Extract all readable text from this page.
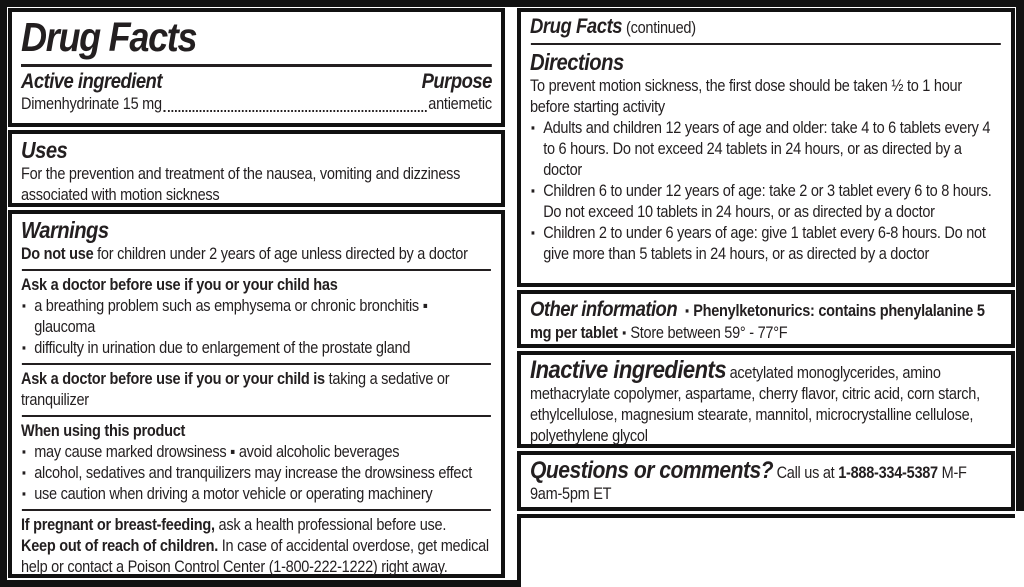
Drug Facts
Active ingredient	Purpose
Dimenhydrinate 15 mg	antiemetic
Uses

For the prevention and treatment of the nausea, vomiting and dizziness associated with motion sickness

Warnings

Do not use for children under 2 years of age unless directed by a doctor

Ask a doctor before use if you or your child has

▪ a breathing problem such as emphysema or chronic bronchitis ▪ glaucoma
▪ difficulty in urination due to enlargement of the prostate gland

Ask a doctor before use if you or your child is taking a sedative or tranquilizer

When using this product

▪ may cause marked drowsiness ▪ avoid alcoholic beverages
▪ alcohol, sedatives and tranquilizers may increase the drowsiness effect
▪ use caution when driving a motor vehicle or operating machinery

If pregnant or breast-feeding, ask a health professional before use.

Keep out of reach of children. In case of accidental overdose, get medical help or contact a Poison Control Center (1-800-222-1222) right away.

Drug Facts (continued)
Directions

To prevent motion sickness, the first dose should be taken ½ to 1 hour before starting activity

▪ Adults and children 12 years of age and older: take 4 to 6 tablets every 4 to 6 hours. Do not exceed 24 tablets in 24 hours, or as directed by a doctor
▪ Children 6 to under 12 years of age: take 2 or 3 tablet every 6 to 8 hours. Do not exceed 10 tablets in 24 hours, or as directed by a doctor
▪ Children 2 to under 6 years of age: give 1 tablet every 6-8 hours. Do not give more than 5 tablets in 24 hours, or as directed by a doctor

Other information ▪ Phenylketonurics: contains phenylalanine 5 mg per tablet ▪ Store between 59° - 77°F

Inactive ingredients acetylated monoglycerides, amino methacrylate copolymer, aspartame, cherry flavor, citric acid, corn starch, ethylcellulose, magnesium stearate, mannitol, microcrystalline cellulose, polyethylene glycol

Questions or comments? Call us at 1-888-334-5387 M-F 9am-5pm ET
